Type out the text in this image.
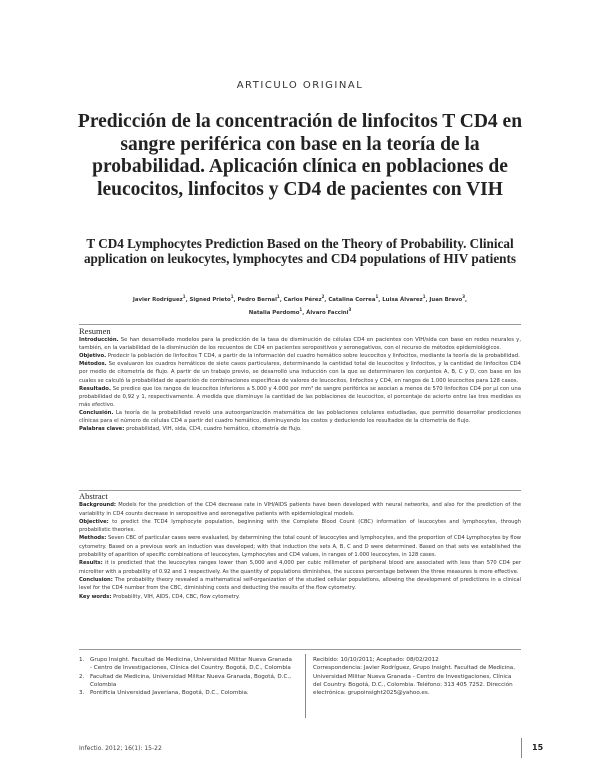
ARTICULO ORIGINAL
Predicción de la concentración de linfocitos T CD4 en sangre periférica con base en la teoría de la probabilidad. Aplicación clínica en poblaciones de leucocitos, linfocitos y CD4 de pacientes con VIH
T CD4 Lymphocytes Prediction Based on the Theory of Probability. Clinical application on leukocytes, lymphocytes and CD4 populations of HIV patients
Javier Rodríguez$^1$, Signed Prieto$^1$, Pedro Bernal$^1$, Carlos Pérez$^2$, Catalina Correa$^1$, Luisa Álvarez$^1$, Juan Bravo$^3$,
Natalia Perdomo$^1$, Álvaro Faccini$^3$
Resumen

Introducción. Se han desarrollado modelos para la predicción de la tasa de disminución de células CD4 en pacientes con VIH/sida con base en redes neurales y, también, en la variabilidad de la disminución de los recuentos de CD4 en pacientes seropositivos y seronegativos, con el recurso de métodos epidemiológicos.

Objetivo. Predecir la población de linfocitos T CD4, a partir de la información del cuadro hemático sobre leucocitos y linfocitos, mediante la teoría de la probabilidad.

Métodos. Se evaluaron los cuadros hemáticos de siete casos particulares, determinando la cantidad total de leucocitos y linfocitos, y la cantidad de linfocitos CD4 por medio de citometría de flujo. A partir de un trabajo previo, se desarrolló una inducción con la que se determinaron los conjuntos A, B, C y D, con base en los cuales se calculó la probabilidad de aparición de combinaciones específicas de valores de leucocitos, linfocitos y CD4, en rangos de 1.000 leucocitos para 128 casos.

Resultado. Se predice que los rangos de leucocitos inferiores a 5.000 y 4.000 por mm³ de sangre periférica se asocian a menos de 570 linfocitos CD4 por µl con una probabilidad de 0,92 y 1, respectivamente. A medida que disminuye la cantidad de las poblaciones de leucocitos, el porcentaje de acierto entre las tres medidas es más efectivo.

Conclusión. La teoría de la probabilidad reveló una autoorganización matemática de las poblaciones celulares estudiadas, que permitió desarrollar predicciones clínicas para el número de células CD4 a partir del cuadro hemático, disminuyendo los costos y deduciendo los resultados de la citometría de flujo.

Palabras clave: probabilidad, VIH, sida, CD4, cuadro hemático, citometría de flujo.

Abstract

Background: Models for the prediction of the CD4 decrease rate in VIH/AIDS patients have been developed with neural networks, and also for the prediction of the variability in CD4 counts decrease in seropositive and seronegative patients with epidemiological models.

Objective: to predict the TCD4 lymphocyte population, beginning with the Complete Blood Count (CBC) information of leucocytes and lymphocytes, through probabilistic theories.

Methods: Seven CBC of particular cases were evaluated, by determining the total count of leucocytes and lymphocytes, and the proportion of CD4 Lymphocytes by flow cytometry. Based on a previous work an induction was developed; with that induction the sets A, B, C and D were determined. Based on that sets we established the probability of aparition of specific combinations of leucocytes, Lymphocytes and CD4 values, in ranges of 1.000 leucocytes, in 128 cases.

Results: it is predicted that the leucocytes ranges lower than 5,000 and 4,000 per cubic millimeter of peripheral blood are associated with less than 570 CD4 per microliter with a probability of 0.92 and 1 respectively. As the quantity of populations diminishes, the success percentage between the three measures is more effective.

Conclusion: The probability theory revealed a mathematical self-organization of the studied cellular populations, allowing the development of predictions in a clinical level for the CD4 number from the CBC, diminishing costs and deducting the results of the flow cytometry.

Key words: Probability, VIH, AIDS, CD4, CBC, flow cytometry.

1.	Grupo Insight. Facultad de Medicina, Universidad Militar Nueva Granada - Centro de Investigaciones, Clínica del Country. Bogotá, D.C., Colombia

2.	Facultad de Medicina, Universidad Militar Nueva Granada, Bogotá, D.C., Colombia

3.	Pontificia Universidad Javeriana, Bogotá, D.C., Colombia.

Recibido: 10/10/2011; Aceptado: 08/02/2012

Correspondencia: Javier Rodríguez, Grupo Insight. Facultad de Medicina, Universidad Militar Nueva Granada - Centro de Investigaciones, Clínica del Country. Bogotá, D.C., Colombia. Teléfono: 313 405 7252. Dirección electrónica: grupoinsight2025@yahoo.es.

Infectio. 2012; 16(1): 15-22	15
